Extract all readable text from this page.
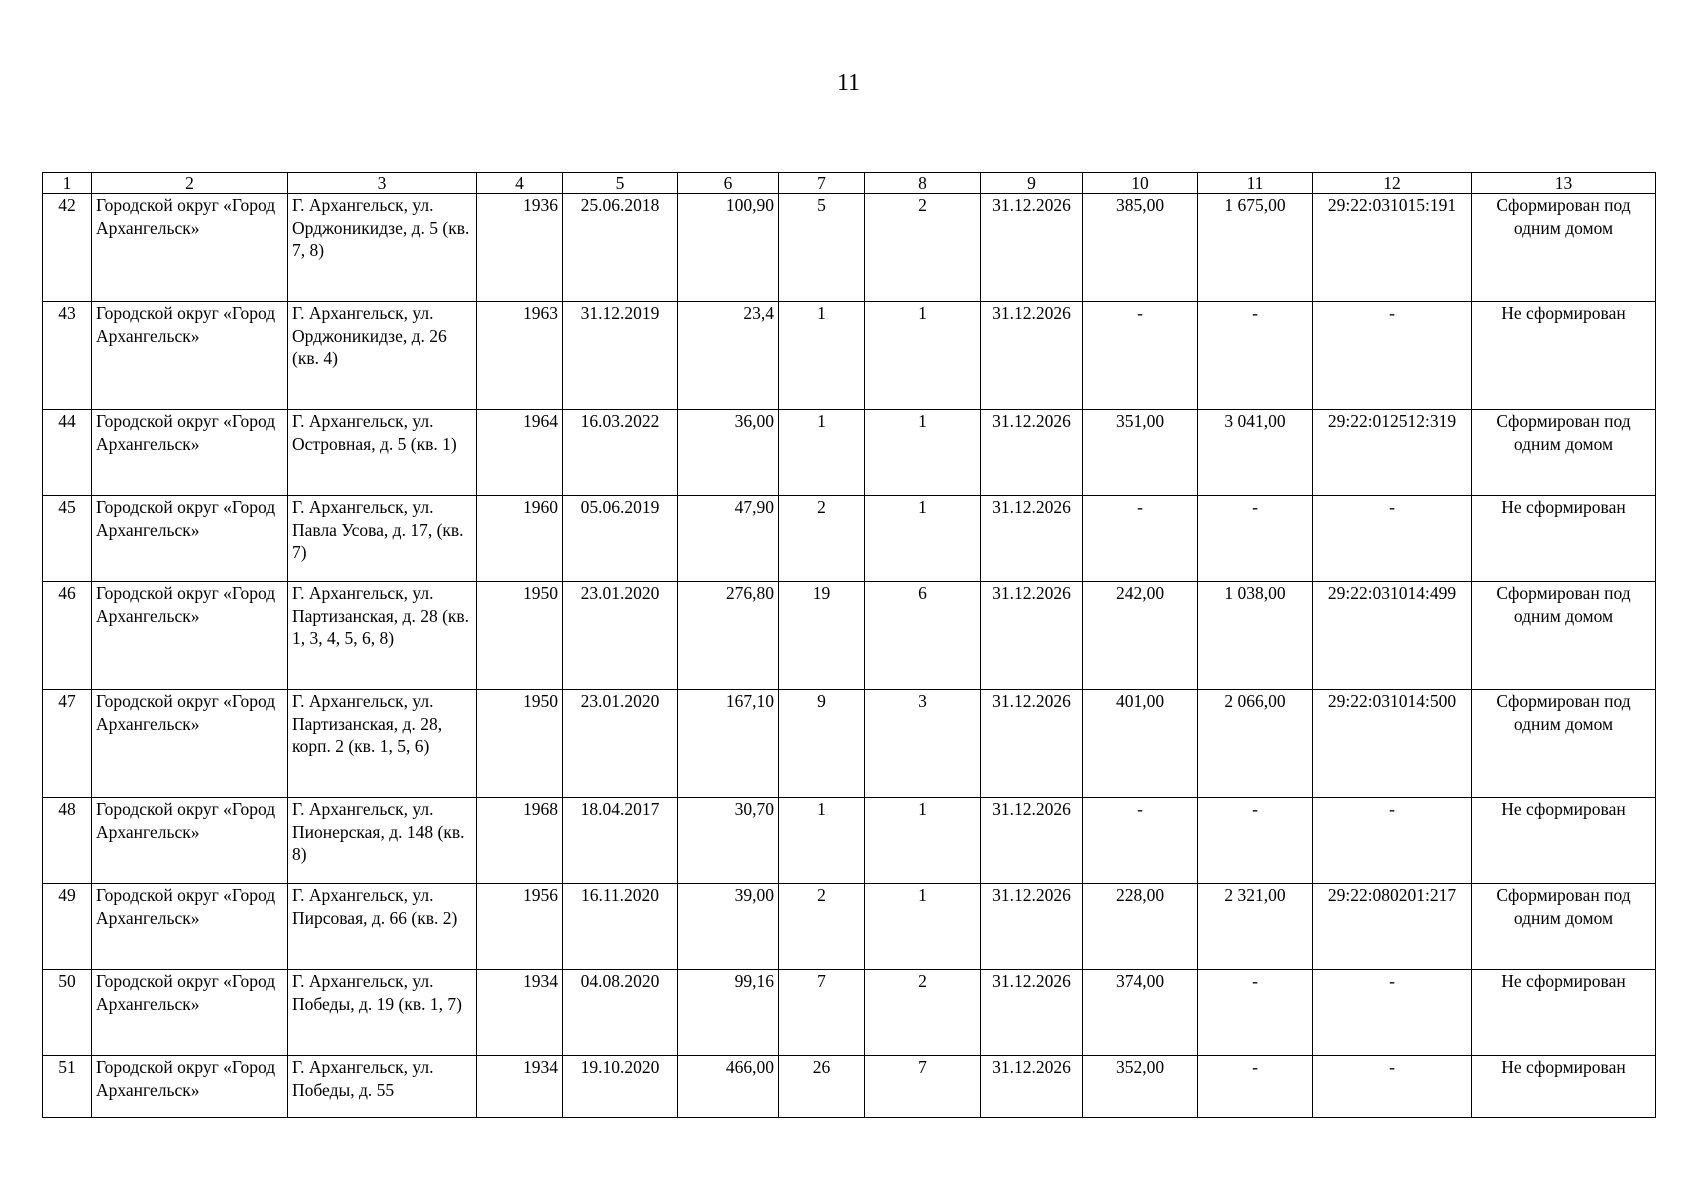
11
1	2	3	4	5	6	7	8	9	10	11	12	13
42	Городской округ «Город Архангельск»	Г. Архангельск, ул. Орджоникидзе, д. 5 (кв. 7, 8)	1936	25.06.2018	100,90	5	2	31.12.2026	385,00	1 675,00	29:22:031015:191	Сформирован под одним домом
43	Городской округ «Город Архангельск»	Г. Архангельск, ул. Орджоникидзе, д. 26 (кв. 4)	1963	31.12.2019	23,4	1	1	31.12.2026	-	-	-	Не сформирован
44	Городской округ «Город Архангельск»	Г. Архангельск, ул. Островная, д. 5 (кв. 1)	1964	16.03.2022	36,00	1	1	31.12.2026	351,00	3 041,00	29:22:012512:319	Сформирован под одним домом
45	Городской округ «Город Архангельск»	Г. Архангельск, ул. Павла Усова, д. 17, (кв. 7)	1960	05.06.2019	47,90	2	1	31.12.2026	-	-	-	Не сформирован
46	Городской округ «Город Архангельск»	Г. Архангельск, ул. Партизанская, д. 28 (кв. 1, 3, 4, 5, 6, 8)	1950	23.01.2020	276,80	19	6	31.12.2026	242,00	1 038,00	29:22:031014:499	Сформирован под одним домом
47	Городской округ «Город Архангельск»	Г. Архангельск, ул. Партизанская, д. 28, корп. 2 (кв. 1, 5, 6)	1950	23.01.2020	167,10	9	3	31.12.2026	401,00	2 066,00	29:22:031014:500	Сформирован под одним домом
48	Городской округ «Город Архангельск»	Г. Архангельск, ул. Пионерская, д. 148 (кв. 8)	1968	18.04.2017	30,70	1	1	31.12.2026	-	-	-	Не сформирован
49	Городской округ «Город Архангельск»	Г. Архангельск, ул. Пирсовая, д. 66 (кв. 2)	1956	16.11.2020	39,00	2	1	31.12.2026	228,00	2 321,00	29:22:080201:217	Сформирован под одним домом
50	Городской округ «Город Архангельск»	Г. Архангельск, ул. Победы, д. 19 (кв. 1, 7)	1934	04.08.2020	99,16	7	2	31.12.2026	374,00	-	-	Не сформирован
51	Городской округ «Город Архангельск»	Г. Архангельск, ул. Победы, д. 55	1934	19.10.2020	466,00	26	7	31.12.2026	352,00	-	-	Не сформирован
